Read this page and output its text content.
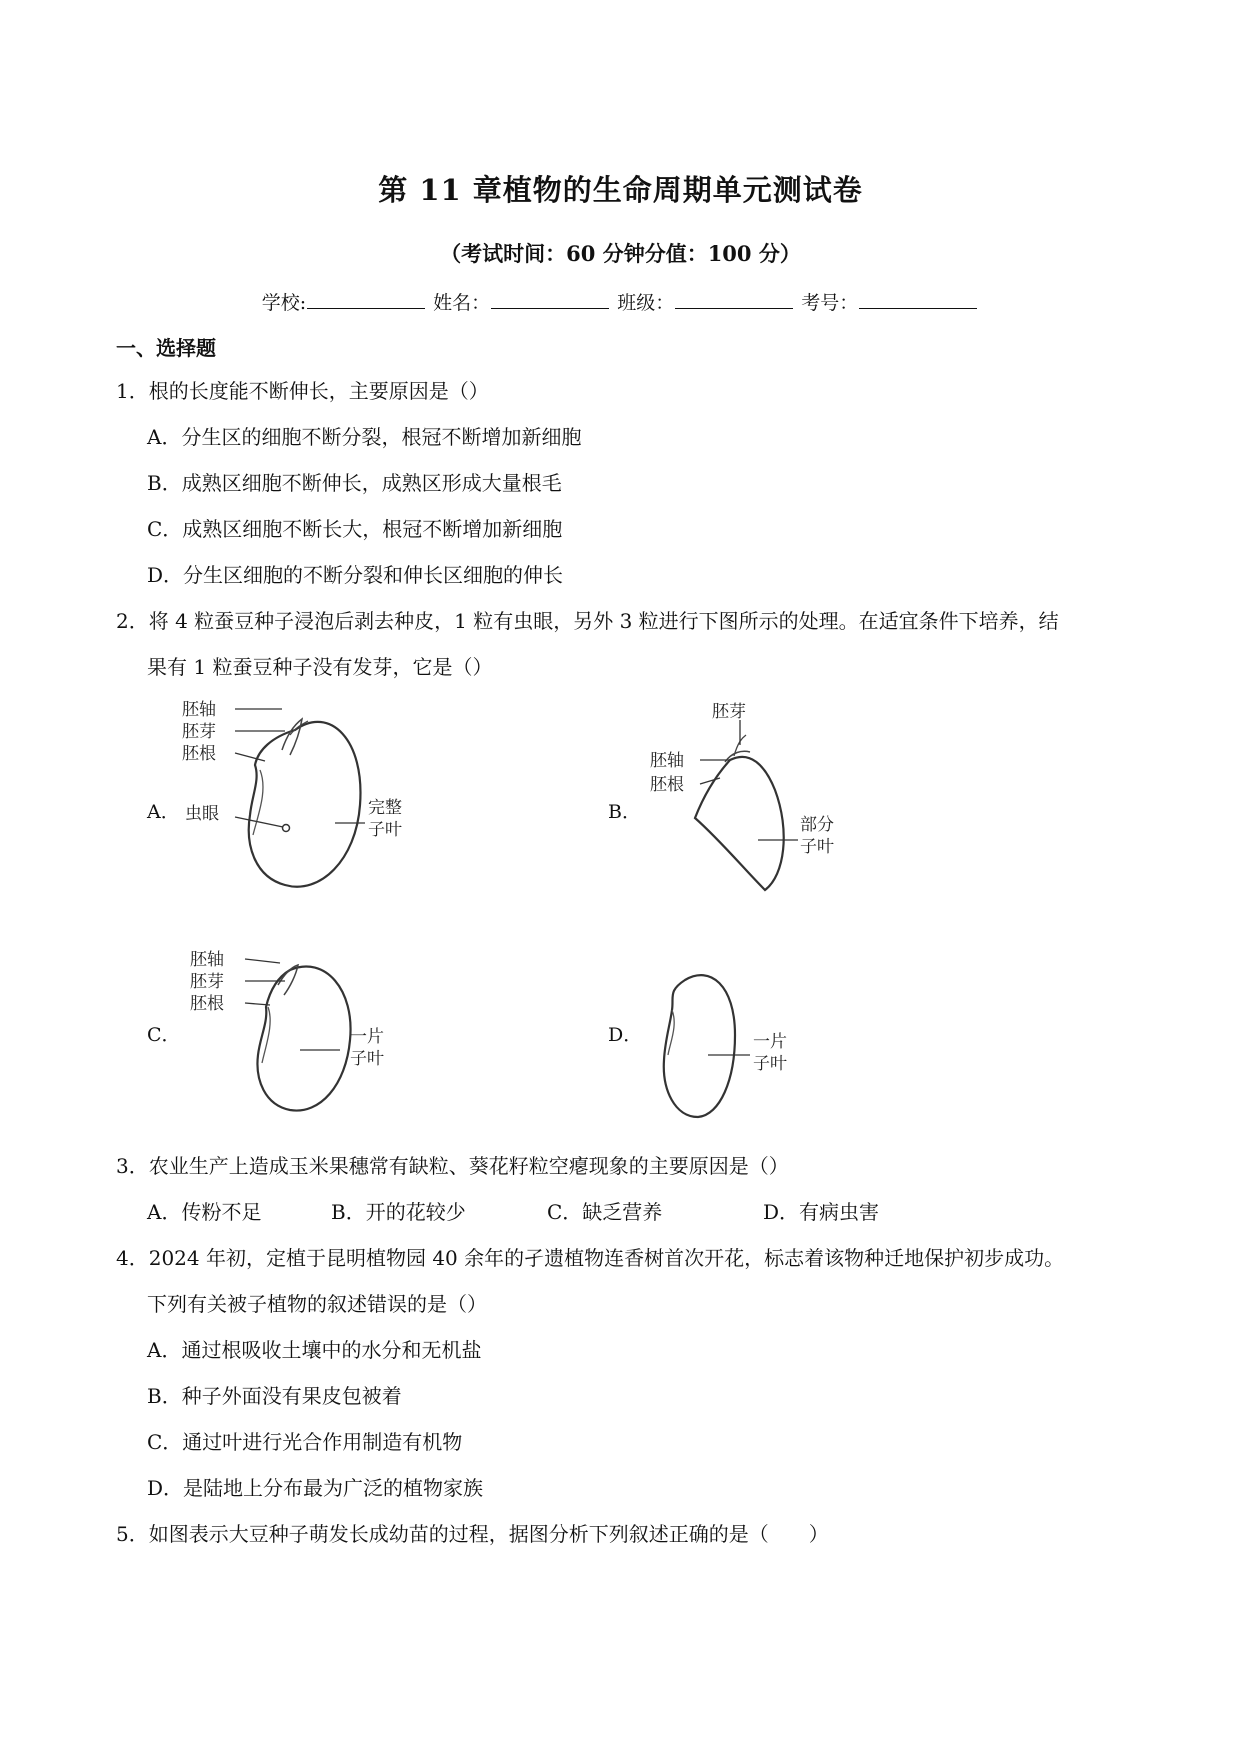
第 11 章植物的生命周期单元测试卷
（考试时间：60 分钟分值：100 分）
学校:	姓名：	班级：	考号：
一、选择题
1．根的长度能不断伸长，主要原因是（）
A．分生区的细胞不断分裂，根冠不断增加新细胞
B．成熟区细胞不断伸长，成熟区形成大量根毛
C．成熟区细胞不断长大，根冠不断增加新细胞
D．分生区细胞的不断分裂和伸长区细胞的伸长
2．将 4 粒蚕豆种子浸泡后剥去种皮，1 粒有虫眼，另外 3 粒进行下图所示的处理。在适宜条件下培养，结
果有 1 粒蚕豆种子没有发芽，它是（）
A．
胚轴
胚芽
胚根
虫眼	完整
子叶
B．
胚芽
胚轴
胚根
部分
子叶
C．
胚轴
胚芽
胚根
一片
子叶
D．	一片
子叶
3．农业生产上造成玉米果穗常有缺粒、葵花籽粒空瘪现象的主要原因是（）
A．传粉不足	B．开的花较少	C．缺乏营养	D．有病虫害
4．2024 年初，定植于昆明植物园 40 余年的孑遗植物连香树首次开花，标志着该物种迁地保护初步成功。
下列有关被子植物的叙述错误的是（）
A．通过根吸收土壤中的水分和无机盐
B．种子外面没有果皮包被着
C．通过叶进行光合作用制造有机物
D．是陆地上分布最为广泛的植物家族
5．如图表示大豆种子萌发长成幼苗的过程，据图分析下列叙述正确的是（　　）
